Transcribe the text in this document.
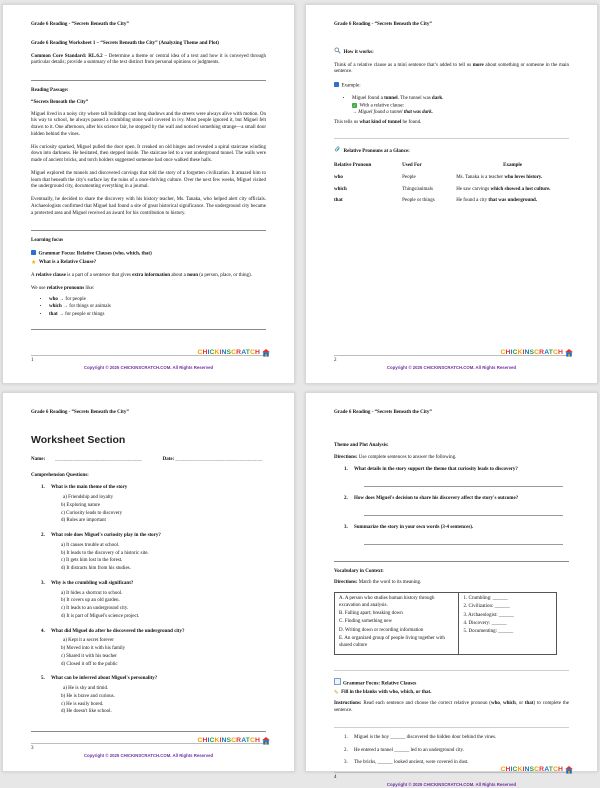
Grade 6 Reading - “Secrets Beneath the City”
Grade 6 Reading Worksheet 1 – “Secrets Beneath the City” (Analyzing Theme and Plot)
Common Core Standard: RL.6.2 – Determine a theme or central idea of a text and how it is conveyed through particular details; provide a summary of the text distinct from personal opinions or judgments.
Reading Passage:
“Secrets Beneath the City”
Miguel lived in a noisy city where tall buildings cast long shadows and the streets were always alive with motion. On his way to school, he always passed a crumbling stone wall covered in ivy. Most people ignored it, but Miguel felt drawn to it. One afternoon, after his science fair, he stopped by the wall and noticed something strange—a small door hidden behind the vines.
His curiosity sparked, Miguel pulled the door open. It creaked on old hinges and revealed a spiral staircase winding down into darkness. He hesitated, then stepped inside. The staircase led to a vast underground tunnel. The walls were made of ancient bricks, and torch holders suggested someone had once walked these halls.
Miguel explored the tunnels and discovered carvings that told the story of a forgotten civilization. It amazed him to learn that beneath the city's surface lay the ruins of a once-thriving culture. Over the next few weeks, Miguel visited the underground city, documenting everything in a journal.
Eventually, he decided to share the discovery with his history teacher, Ms. Tanaka, who helped alert city officials. Archaeologists confirmed that Miguel had found a site of great historical significance. The underground city became a protected area and Miguel received an award for his contribution to history.
Learning focus
Grammar Focus: Relative Clauses (who, which, that)
★ What is a Relative Clause?
A relative clause is a part of a sentence that gives extra information about a noun (a person, place, or thing).
We use relative pronouns like:
• who → for people
• which → for things or animals
• that → for people or things
1
CHICKINSCRATCH
Copyright © 2025 CHICKINSCRATCH.COM. All Rights Reserved
Grade 6 Reading - “Secrets Beneath the City”
How it works:
Think of a relative clause as a mini sentence that’s added to tell us more about something or someone in the main sentence.
Example:
• Miguel found a tunnel. The tunnel was dark.
✓ With a relative clause:
→ Miguel found a tunnel that was dark.
This tells us what kind of tunnel he found.
Relative Pronouns at a Glance:
Relative Pronoun	Used For	Example
who	People	Ms. Tanaka is a teacher who loves history.
which	Things/animals	He saw carvings which showed a lost culture.
that	People or things	He found a city that was underground.
2
CHICKINSCRATCH
Copyright © 2025 CHICKINSCRATCH.COM. All Rights Reserved
Grade 6 Reading - “Secrets Beneath the City”
Worksheet Section
Name: ______________________________	Date: ______________________________
Comprehension Questions:
1. What is the main theme of the story
a) Friendship and loyalty
b) Exploring nature
c) Curiosity leads to discovery
d) Rules are important
2. What role does Miguel's curiosity play in the story?
a) It causes trouble at school.
b) It leads to the discovery of a historic site.
c) It gets him lost in the forest.
d) It distracts him from his studies.
3. Why is the crumbling wall significant?
a) It hides a shortcut to school.
b) It covers up an old garden.
c) It leads to an underground city.
d) It is part of Miguel's science project.
4. What did Miguel do after he discovered the underground city?
a) Kept it a secret forever
b) Moved into it with his family
c) Shared it with his teacher
d) Closed it off to the public
5. What can be inferred about Miguel's personality?
a) He is shy and timid.
b) He is brave and curious.
c) He is easily bored.
d) He doesn't like school.
3
CHICKINSCRATCH
Copyright © 2025 CHICKINSCRATCH.COM. All Rights Reserved
Grade 6 Reading - “Secrets Beneath the City”
Theme and Plot Analysis:
Directions: Use complete sentences to answer the following.
1. What details in the story support the theme that curiosity leads to discovery?
2. How does Miguel's decision to share his discovery affect the story's outcome?
3. Summarize the story in your own words (3-4 sentences).
Vocabulary in Context:
Directions: Match the word to its meaning.
A. A person who studies human history through excavation and analysis.
B. Falling apart; breaking down
C. Finding something new
D. Writing down or recording information
E. An organized group of people living together with shared culture

1. Crumbling: ______
2. Civilization: ______
3. Archaeologist: ______
4. Discovery: ______
5. Documenting: ______
Grammar Focus: Relative Clauses
✎ Fill in the blanks with who, which, or that.
Instructions: Read each sentence and choose the correct relative pronoun (who, which, or that) to complete the sentence.
1. Miguel is the boy ______ discovered the hidden door behind the vines.
2. He entered a tunnel ______ led to an underground city.
3. The bricks, ______ looked ancient, were covered in dust.
4
CHICKINSCRATCH
Copyright © 2025 CHICKINSCRATCH.COM. All Rights Reserved
